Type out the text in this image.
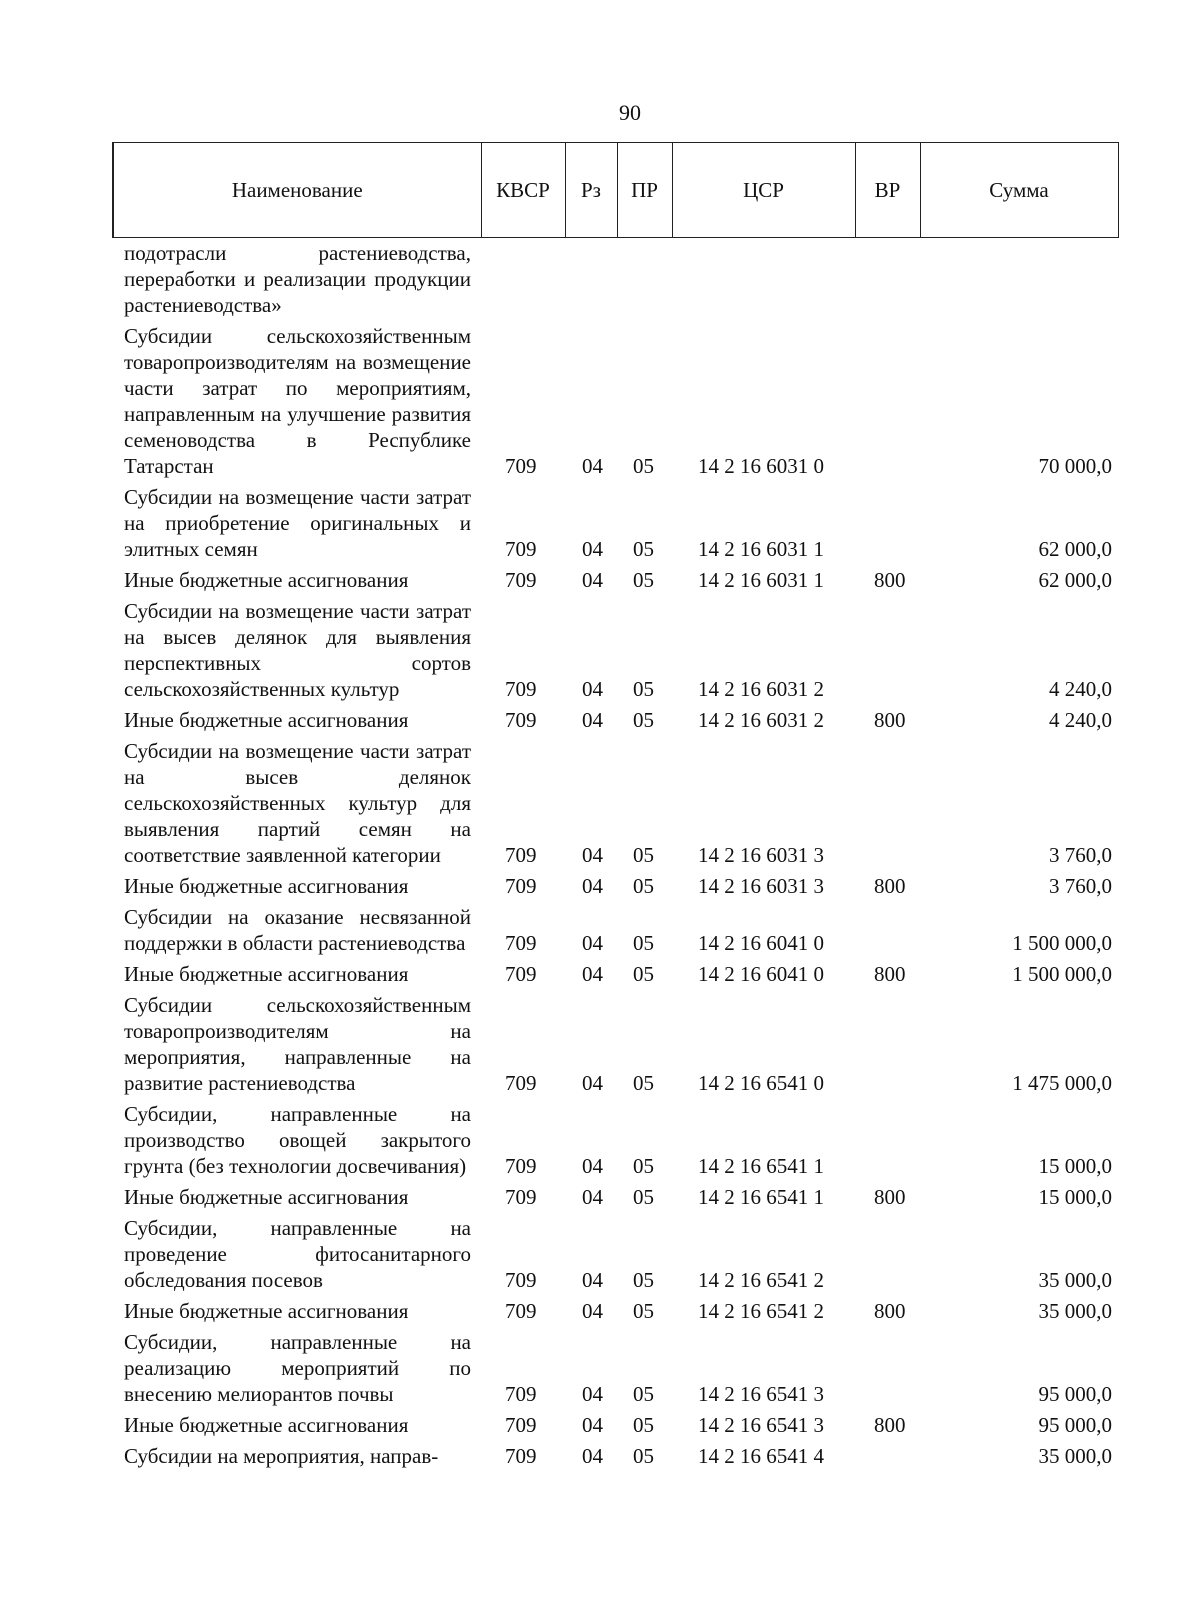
90
Наименование	КВСР	Рз	ПР	ЦСР	ВР	Сумма
подотрасли растениеводства, переработки и реализации продукции растениеводства»						
Субсидии сельскохозяйственным товаропроизводителям на возмещение части затрат по мероприятиям, направленным на улучшение развития семеноводства в Республике Татарстан	709	04	05	14 2 16 6031 0		70 000,0
Субсидии на возмещение части затрат на приобретение оригинальных и элитных семян	709	04	05	14 2 16 6031 1		62 000,0
Иные бюджетные ассигнования	709	04	05	14 2 16 6031 1	800	62 000,0
Субсидии на возмещение части затрат на высев делянок для выявления перспективных сортов сельскохозяйственных культур	709	04	05	14 2 16 6031 2		4 240,0
Иные бюджетные ассигнования	709	04	05	14 2 16 6031 2	800	4 240,0
Субсидии на возмещение части затрат на высев делянок сельскохозяйственных культур для выявления партий семян на соответствие заявленной категории	709	04	05	14 2 16 6031 3		3 760,0
Иные бюджетные ассигнования	709	04	05	14 2 16 6031 3	800	3 760,0
Субсидии на оказание несвязанной поддержки в области растениеводства	709	04	05	14 2 16 6041 0		1 500 000,0
Иные бюджетные ассигнования	709	04	05	14 2 16 6041 0	800	1 500 000,0
Субсидии сельскохозяйственным товаропроизводителям на мероприятия, направленные на развитие растениеводства	709	04	05	14 2 16 6541 0		1 475 000,0
Субсидии, направленные на производство овощей закрытого грунта (без технологии досвечивания)	709	04	05	14 2 16 6541 1		15 000,0
Иные бюджетные ассигнования	709	04	05	14 2 16 6541 1	800	15 000,0
Субсидии, направленные на проведение фитосанитарного обследования посевов	709	04	05	14 2 16 6541 2		35 000,0
Иные бюджетные ассигнования	709	04	05	14 2 16 6541 2	800	35 000,0
Субсидии, направленные на реализацию мероприятий по внесению мелиорантов почвы	709	04	05	14 2 16 6541 3		95 000,0
Иные бюджетные ассигнования	709	04	05	14 2 16 6541 3	800	95 000,0
Субсидии на мероприятия, направ-	709	04	05	14 2 16 6541 4		35 000,0
